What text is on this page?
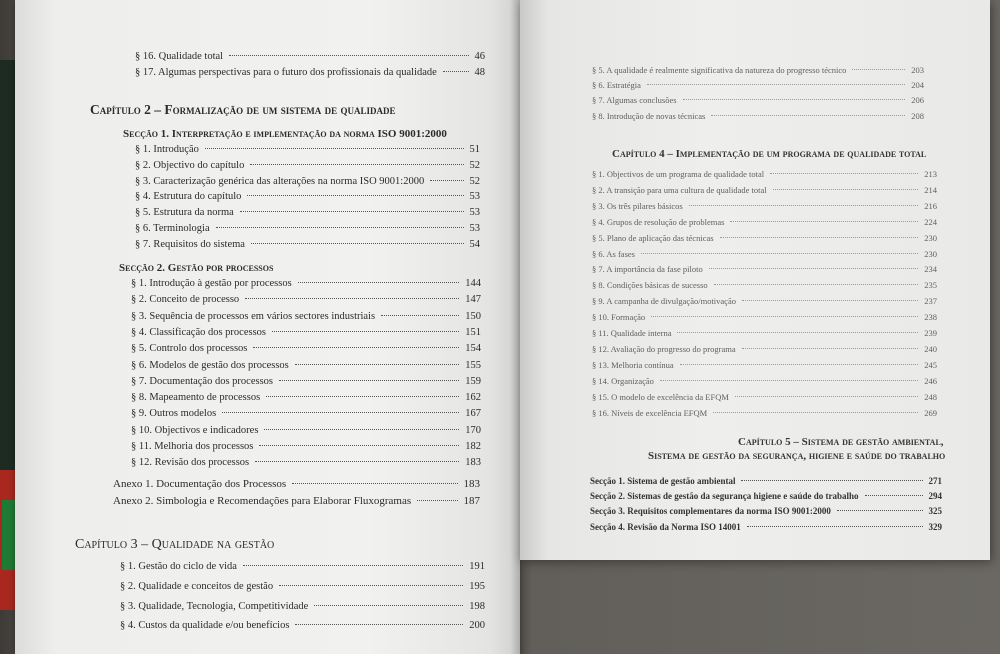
§ 16. Qualidade total	46
§ 17. Algumas perspectivas para o futuro dos profissionais da qualidade	48
Capítulo 2 – Formalização de um sistema de qualidade
Secção 1. Interpretação e implementação da norma ISO 9001:2000
§ 1. Introdução	51
§ 2. Objectivo do capítulo	52
§ 3. Caracterização genérica das alterações na norma ISO 9001:2000	52
§ 4. Estrutura do capítulo	53
§ 5. Estrutura da norma	53
§ 6. Terminologia	53
§ 7. Requisitos do sistema	54
Secção 2. Gestão por processos
§ 1. Introdução à gestão por processos	144
§ 2. Conceito de processo	147
§ 3. Sequência de processos em vários sectores industriais	150
§ 4. Classificação dos processos	151
§ 5. Controlo dos processos	154
§ 6. Modelos de gestão dos processos	155
§ 7. Documentação dos processos	159
§ 8. Mapeamento de processos	162
§ 9. Outros modelos	167
§ 10. Objectivos e indicadores	170
§ 11. Melhoria dos processos	182
§ 12. Revisão dos processos	183
Anexo 1. Documentação dos Processos	183
Anexo 2. Simbologia e Recomendações para Elaborar Fluxogramas	187
Capítulo 3 – Qualidade na gestão
§ 1. Gestão do ciclo de vida	191
§ 2. Qualidade e conceitos de gestão	195
§ 3. Qualidade, Tecnologia, Competitividade	198
§ 4. Custos da qualidade e/ou benefícios	200
§ 5. A qualidade é realmente significativa da natureza do progresso técnico	203
§ 6. Estratégia	204
§ 7. Algumas conclusões	206
§ 8. Introdução de novas técnicas	208
Capítulo 4 – Implementação de um programa de qualidade total
§ 1. Objectivos de um programa de qualidade total	213
§ 2. A transição para uma cultura de qualidade total	214
§ 3. Os três pilares básicos	216
§ 4. Grupos de resolução de problemas	224
§ 5. Plano de aplicação das técnicas	230
§ 6. As fases	230
§ 7. A importância da fase piloto	234
§ 8. Condições básicas de sucesso	235
§ 9. A campanha de divulgação/motivação	237
§ 10. Formação	238
§ 11. Qualidade interna	239
§ 12. Avaliação do progresso do programa	240
§ 13. Melhoria contínua	245
§ 14. Organização	246
§ 15. O modelo de excelência da EFQM	248
§ 16. Níveis de excelência EFQM	269
Capítulo 5 – Sistema de gestão ambiental,
Sistema de gestão da segurança, higiene e saúde do trabalho
Secção 1. Sistema de gestão ambiental	271
Secção 2. Sistemas de gestão da segurança higiene e saúde do trabalho	294
Secção 3. Requisitos complementares da norma ISO 9001:2000	325
Secção 4. Revisão da Norma ISO 14001	329
